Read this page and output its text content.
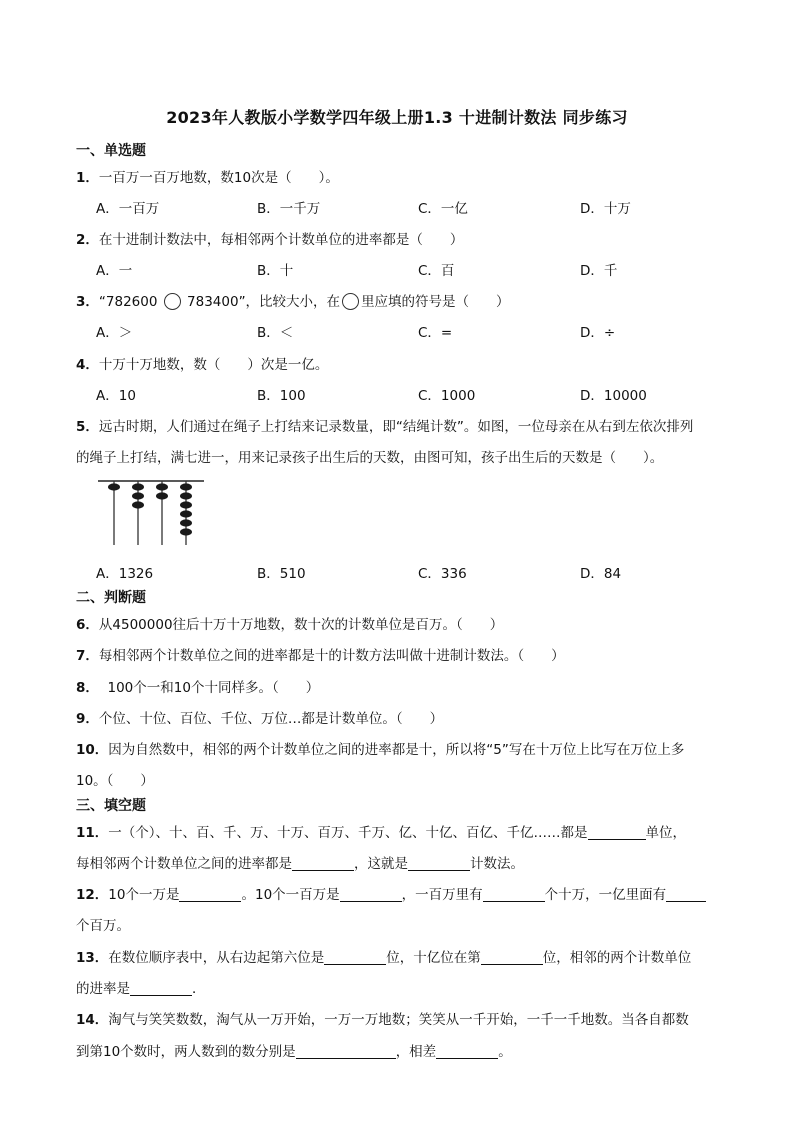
2023年人教版小学数学四年级上册1.3 十进制计数法 同步练习
一、单选题
1．一百万一百万地数，数10次是（　　）。
A．一百万	B．一千万	C．一亿	D．十万
2．在十进制计数法中，每相邻两个计数单位的进率都是（　　）
A．一	B．十	C．百	D．千
3．“782600 783400”，比较大小，在 里应填的符号是（　　）
A．＞	B．＜	C．=	D．÷
4．十万十万地数，数（　　）次是一亿。
A．10	B．100	C．1000	D．10000
5．远古时期，人们通过在绳子上打结来记录数量，即“结绳计数”。如图，一位母亲在从右到左依次排列
的绳子上打结，满七进一，用来记录孩子出生后的天数，由图可知，孩子出生后的天数是（　　）。
A．1326	B．510	C．336	D．84
二、判断题
6．从4500000往后十万十万地数，数十次的计数单位是百万。（　　）
7．每相邻两个计数单位之间的进率都是十的计数方法叫做十进制计数法。（　　）
8． 100个一和10个十同样多。（　　）
9．个位、十位、百位、千位、万位…都是计数单位。（　　）
10．因为自然数中，相邻的两个计数单位之间的进率都是十，所以将“5”写在十万位上比写在万位上多
10。（　　）
三、填空题
11．一（个）、十、百、千、万、十万、百万、千万、亿、十亿、百亿、千亿……都是	单位，
每相邻两个计数单位之间的进率都是	，这就是	计数法。
12．10个一万是	。10个一百万是	，一百万里有	个十万，一亿里面有
个百万。
13．在数位顺序表中，从右边起第六位是	位，十亿位在第	位，相邻的两个计数单位
的进率是	．
14．淘气与笑笑数数，淘气从一万开始，一万一万地数；笑笑从一千开始，一千一千地数。当各自都数
到第10个数时，两人数到的数分别是	，相差	。
